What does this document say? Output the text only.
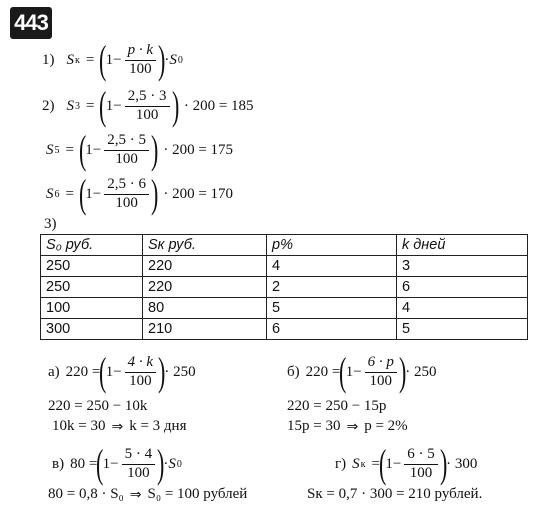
443
1) S к = (
$1 - \frac{p \cdot k}{100}$ )
· S 0
2) S 3 = (
$1 - \frac{2,5 \cdot 3}{100}$ ) · 200 = 185
S 5 = (
$1 - \frac{2,5 \cdot 5}{100}$ ) · 200 = 175
S 6 = (
$1 - \frac{2,5 \cdot 6}{100}$ ) · 200 = 170
3)
S₀ руб.	Sк руб.	p%	k дней
250	220	4	3
250	220	2	6
100	80	5	4
300	210	6	5
а) 220 =
(
$1 - \frac{4 \cdot k}{100}$ )
· 250
220 = 250 − 10k
10k = 30 ⇒ k = 3 дня
б) 220 =
(
$1 - \frac{6 \cdot p}{100}$ )
· 250
220 = 250 − 15p
15p = 30 ⇒ p = 2%
в) 80 =
(
$1 - \frac{5 \cdot 4}{100}$ )
· S 0
80 = 0,8 · S₀ ⇒ S₀ = 100 рублей
г) S к =
(
$1 - \frac{6 \cdot 5}{100}$ )
· 300
Sк = 0,7 · 300 = 210 рублей.
